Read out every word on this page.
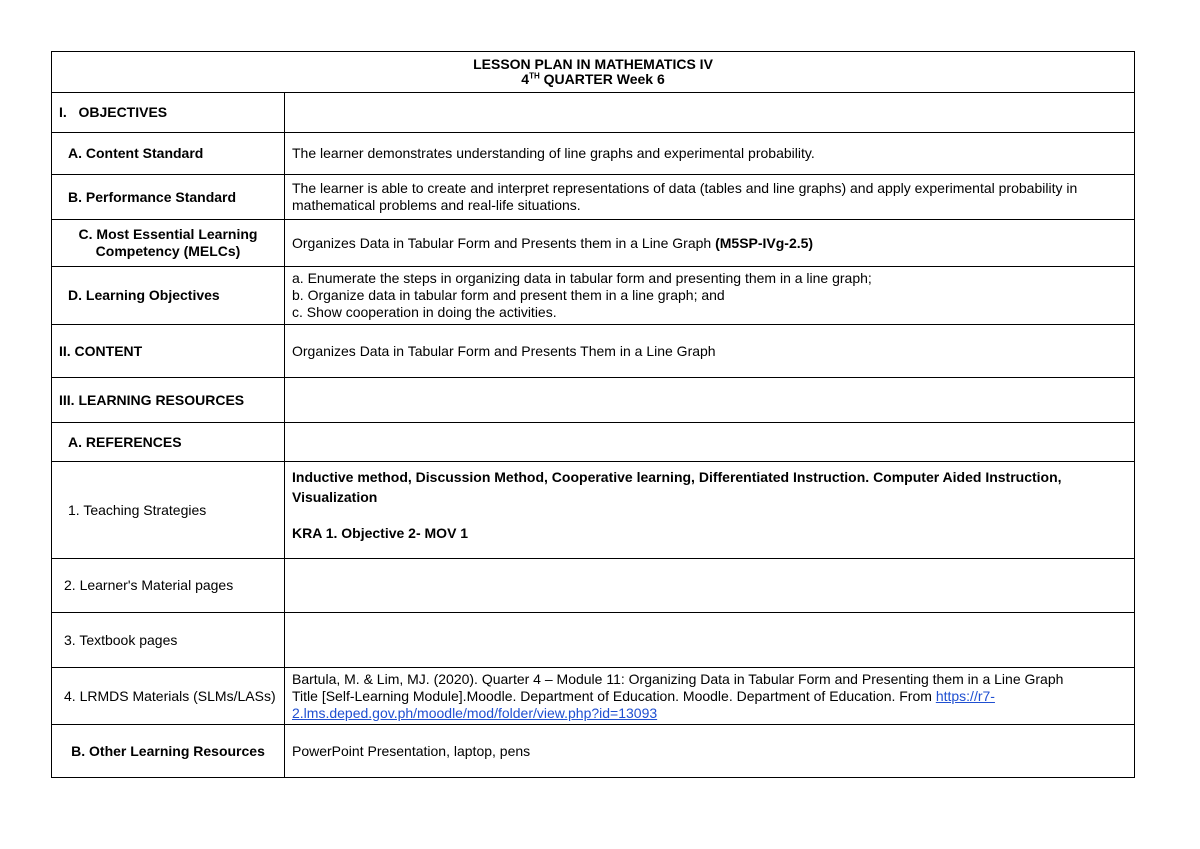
LESSON PLAN IN MATHEMATICS IV
4TH QUARTER Week 6	

I.   OBJECTIVES	
A. Content Standard	The learner demonstrates understanding of line graphs and experimental probability.
B. Performance Standard	The learner is able to create and interpret representations of data (tables and line graphs) and apply experimental probability in mathematical problems and real-life situations.
C. Most Essential Learning Competency (MELCs)	Organizes Data in Tabular Form and Presents them in a Line Graph (M5SP-IVg-2.5)
D. Learning Objectives	a. Enumerate the steps in organizing data in tabular form and presenting them in a line graph;
b. Organize data in tabular form and present them in a line graph; and
c. Show cooperation in doing the activities.

II. CONTENT	Organizes Data in Tabular Form and Presents Them in a Line Graph
III. LEARNING RESOURCES	
A. REFERENCES	
1. Teaching Strategies	Inductive method, Discussion Method, Cooperative learning, Differentiated Instruction. Computer Aided Instruction, Visualization
KRA 1. Objective 2- MOV 1

2. Learner's Material pages	
3. Textbook pages	
4. LRMDS Materials (SLMs/LASs)	Bartula, M. & Lim, MJ. (2020). Quarter 4 – Module 11: Organizing Data in Tabular Form and Presenting them in a Line Graph
Title [Self-Learning Module].Moodle. Department of Education. Moodle. Department of Education. From https://r7-
2.lms.deped.gov.ph/moodle/mod/folder/view.php?id=13093

B. Other Learning Resources	PowerPoint Presentation, laptop, pens
